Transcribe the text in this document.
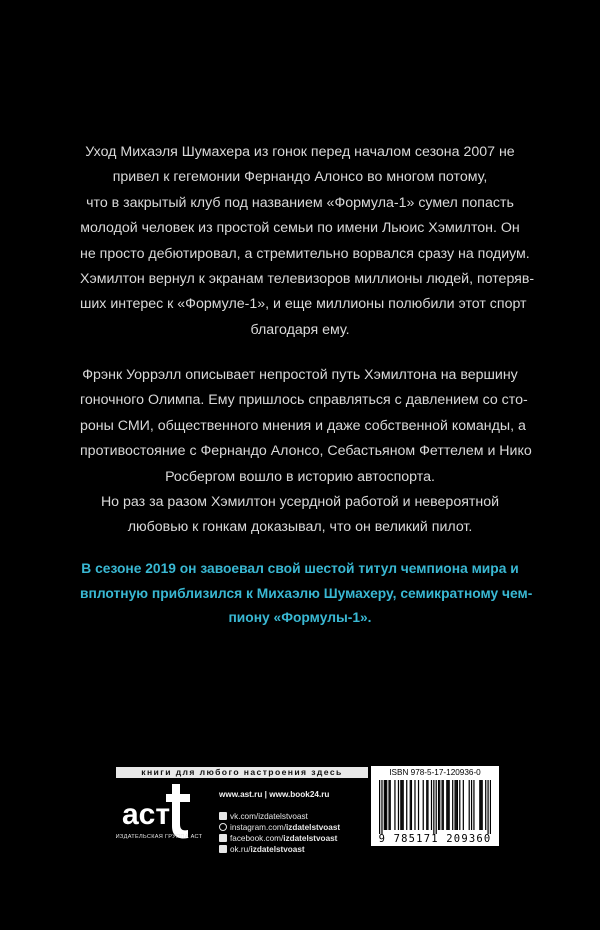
Уход Михаэля Шумахера из гонок перед началом сезона 2007 не
привел к гегемонии Фернандо Алонсо во многом потому,
что в закрытый клуб под названием «Формула-1» сумел попасть
молодой человек из простой семьи по имени Льюис Хэмилтон. Он
не просто дебютировал, а стремительно ворвался сразу на подиум.
Хэмилтон вернул к экранам телевизоров миллионы людей, потеряв-
ших интерес к «Формуле-1», и еще миллионы полюбили этот спорт
благодаря ему.
Фрэнк Уоррэлл описывает непростой путь Хэмилтона на вершину
гоночного Олимпа. Ему пришлось справляться с давлением со сто-
роны СМИ, общественного мнения и даже собственной команды, а
противостояние с Фернандо Алонсо, Себастьяном Феттелем и Нико
Росбергом вошло в историю автоспорта.
Но раз за разом Хэмилтон усердной работой и невероятной
любовью к гонкам доказывал, что он великий пилот.
В сезоне 2019 он завоевал свой шестой титул чемпиона мира и
вплотную приблизился к Михаэлю Шумахеру, семикратному чем-
пиону «Формулы-1».
книги для любого настроения здесь
аст
ИЗДАТЕЛЬСКАЯ ГРУППА АСТ
www.ast.ru | www.book24.ru
vk.com/izdatelstvoast
instagram.com/izdatelstvoast
facebook.com/izdatelstvoast
ok.ru/izdatelstvoast
ISBN 978-5-17-120936-0
9 785171 209360
